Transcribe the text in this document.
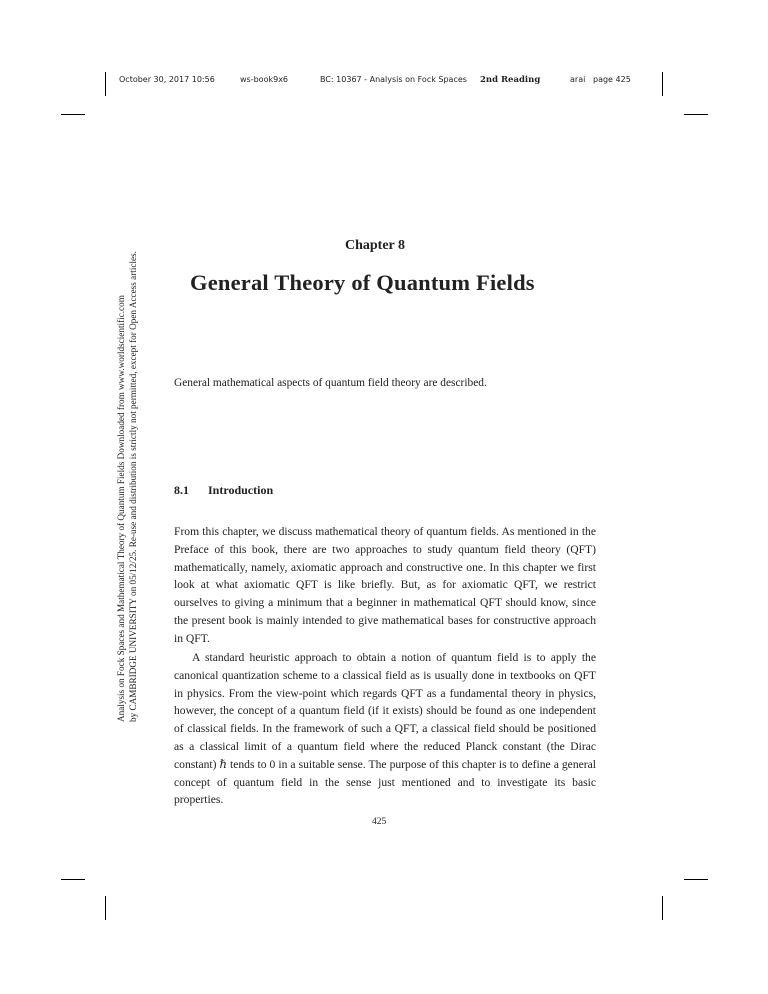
October 30, 2017 10:56	ws-book9x6	BC: 10367 - Analysis on Fock Spaces 2nd Reading	arai page 425
Analysis on Fock Spaces and Mathematical Theory of Quantum Fields Downloaded from www.worldscientific.com by CAMBRIDGE UNIVERSITY on 05/12/25. Re-use and distribution is strictly not permitted, except for Open Access articles.
Chapter 8
General Theory of Quantum Fields
General mathematical aspects of quantum field theory are described.
8.1 Introduction

From this chapter, we discuss mathematical theory of quantum fields. As mentioned in the Preface of this book, there are two approaches to study quantum field theory (QFT) mathematically, namely, axiomatic approach and constructive one. In this chapter we first look at what axiomatic QFT is like briefly. But, as for axiomatic QFT, we restrict ourselves to giving a minimum that a beginner in mathematical QFT should know, since the present book is mainly intended to give mathematical bases for constructive approach in QFT.

A standard heuristic approach to obtain a notion of quantum field is to apply the canonical quantization scheme to a classical field as is usually done in textbooks on QFT in physics. From the view-point which regards QFT as a fundamental theory in physics, however, the concept of a quantum field (if it exists) should be found as one independent of classical fields. In the framework of such a QFT, a classical field should be positioned as a classical limit of a quantum field where the reduced Planck constant (the Dirac constant) ℏ tends to 0 in a suitable sense. The purpose of this chapter is to define a general concept of quantum field in the sense just mentioned and to investigate its basic properties.

425
